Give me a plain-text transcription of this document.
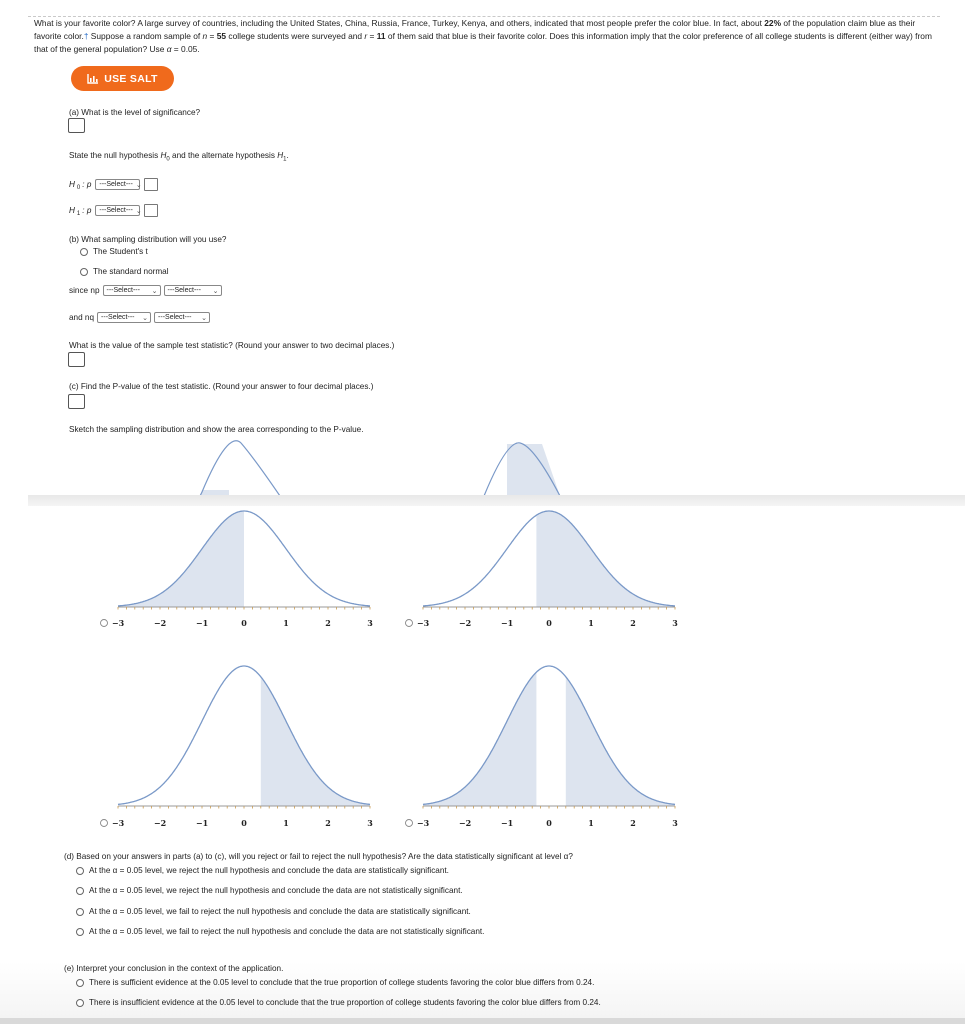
What is your favorite color? A large survey of countries, including the United States, China, Russia, France, Turkey, Kenya, and others, indicated that most people prefer the color blue. In fact, about 22% of the population claim blue as their favorite color.† Suppose a random sample of n = 55 college students were surveyed and r = 11 of them said that blue is their favorite color. Does this information imply that the color preference of all college students is different (either way) from that of the general population? Use α = 0.05.
USE SALT
(a) What is the level of significance?
State the null hypothesis $H_0$ and the alternate hypothesis $H_1$.
H $_0$ : p ---Select--- ⌄
H $_1$ : p ---Select--- ⌄
(b) What sampling distribution will you use?
The Student's t
The standard normal
since np ---Select--- ⌄ ---Select--- ⌄
and nq ---Select--- ⌄ ---Select--- ⌄
What is the value of the sample test statistic? (Round your answer to two decimal places.)
(c) Find the P-value of the test statistic. (Round your answer to four decimal places.)
Sketch the sampling distribution and show the area corresponding to the P-value.
−3	−2	−1	0	1	2	3	−3	−2	−1	0	1	2	3
−3	−2	−1	0	1	2	3	−3	−2	−1	0	1	2	3
(d) Based on your answers in parts (a) to (c), will you reject or fail to reject the null hypothesis? Are the data statistically significant at level α?
At the α = 0.05 level, we reject the null hypothesis and conclude the data are statistically significant.
At the α = 0.05 level, we reject the null hypothesis and conclude the data are not statistically significant.
At the α = 0.05 level, we fail to reject the null hypothesis and conclude the data are statistically significant.
At the α = 0.05 level, we fail to reject the null hypothesis and conclude the data are not statistically significant.
(e) Interpret your conclusion in the context of the application.
There is sufficient evidence at the 0.05 level to conclude that the true proportion of college students favoring the color blue differs from 0.24.
There is insufficient evidence at the 0.05 level to conclude that the true proportion of college students favoring the color blue differs from 0.24.
